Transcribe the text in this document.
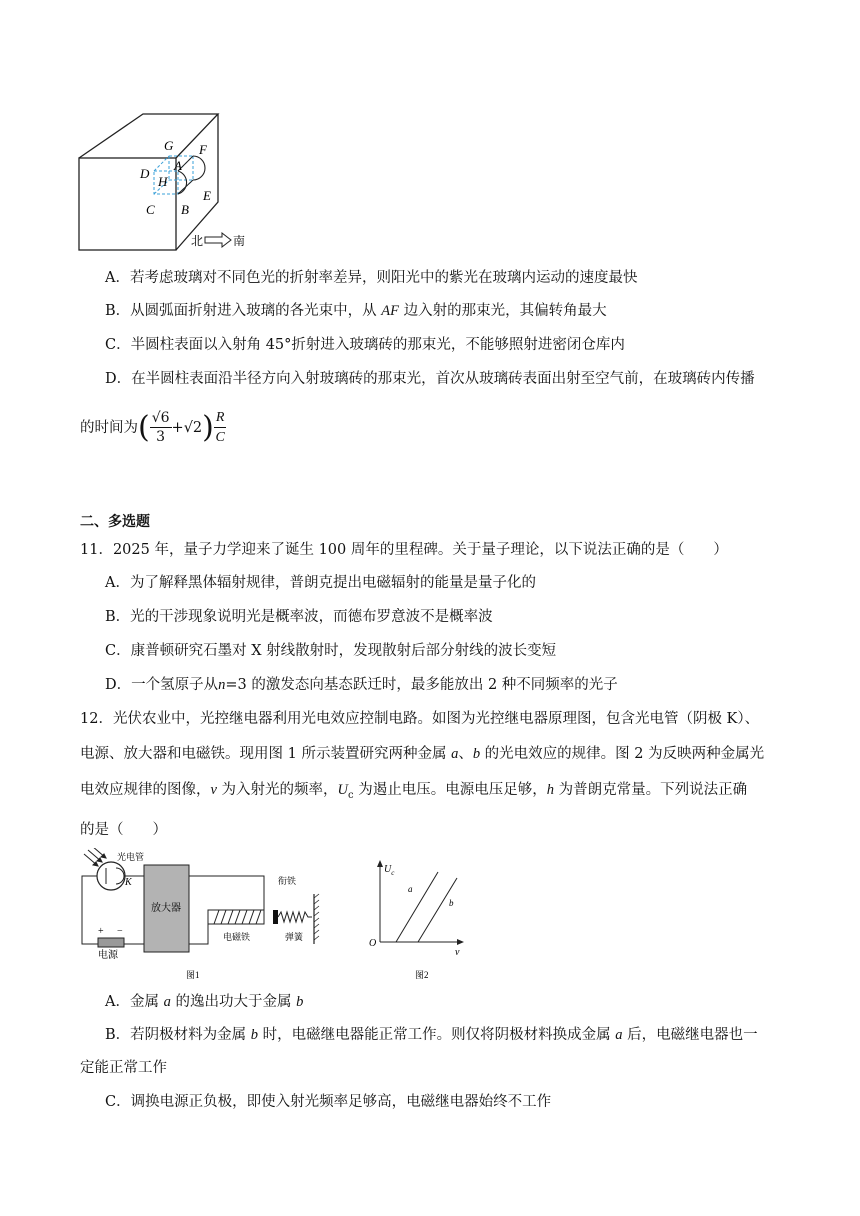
G F
A
D
H
E
C B
北 南
A．若考虑玻璃对不同色光的折射率差异，则阳光中的紫光在玻璃内运动的速度最快
B．从圆弧面折射进入玻璃的各光束中，从 AF 边入射的那束光，其偏转角最大
C．半圆柱表面以入射角 45°折射进入玻璃砖的那束光，不能够照射进密闭仓库内
D．在半圆柱表面沿半径方向入射玻璃砖的那束光，首次从玻璃砖表面出射至空气前，在玻璃砖内传播
的时间为 ( $\frac{√6}{3} +√2$ ) $\frac{R}{C}$
二、多选题
11．2025 年，量子力学迎来了诞生 100 周年的里程碑。关于量子理论，以下说法正确的是（　　）
A．为了解释黑体辐射规律，普朗克提出电磁辐射的能量是量子化的
B．光的干涉现象说明光是概率波，而德布罗意波不是概率波
C．康普顿研究石墨对 X 射线散射时，发现散射后部分射线的波长变短
D．一个氢原子从n=3 的激发态向基态跃迁时，最多能放出 2 种不同频率的光子
12．光伏农业中，光控继电器利用光电效应控制电路。如图为光控继电器原理图，包含光电管（阴极 K）、
电源、放大器和电磁铁。现用图 1 所示装置研究两种金属 a、b 的光电效应的规律。图 2 为反映两种金属光
电效应规律的图像，ν 为入射光的频率，$U_c$ 为遏止电压。电源电压足够，h 为普朗克常量。下列说法正确
的是（　　）
光电管
K
+ −
电源
放大器
电磁铁
衔铁
弹簧
图1
$U_c$
ν
O
a
b
图2
A．金属 a 的逸出功大于金属 b
B．若阴极材料为金属 b 时，电磁继电器能正常工作。则仅将阴极材料换成金属 a 后，电磁继电器也一
定能正常工作
C．调换电源正负极，即使入射光频率足够高，电磁继电器始终不工作
